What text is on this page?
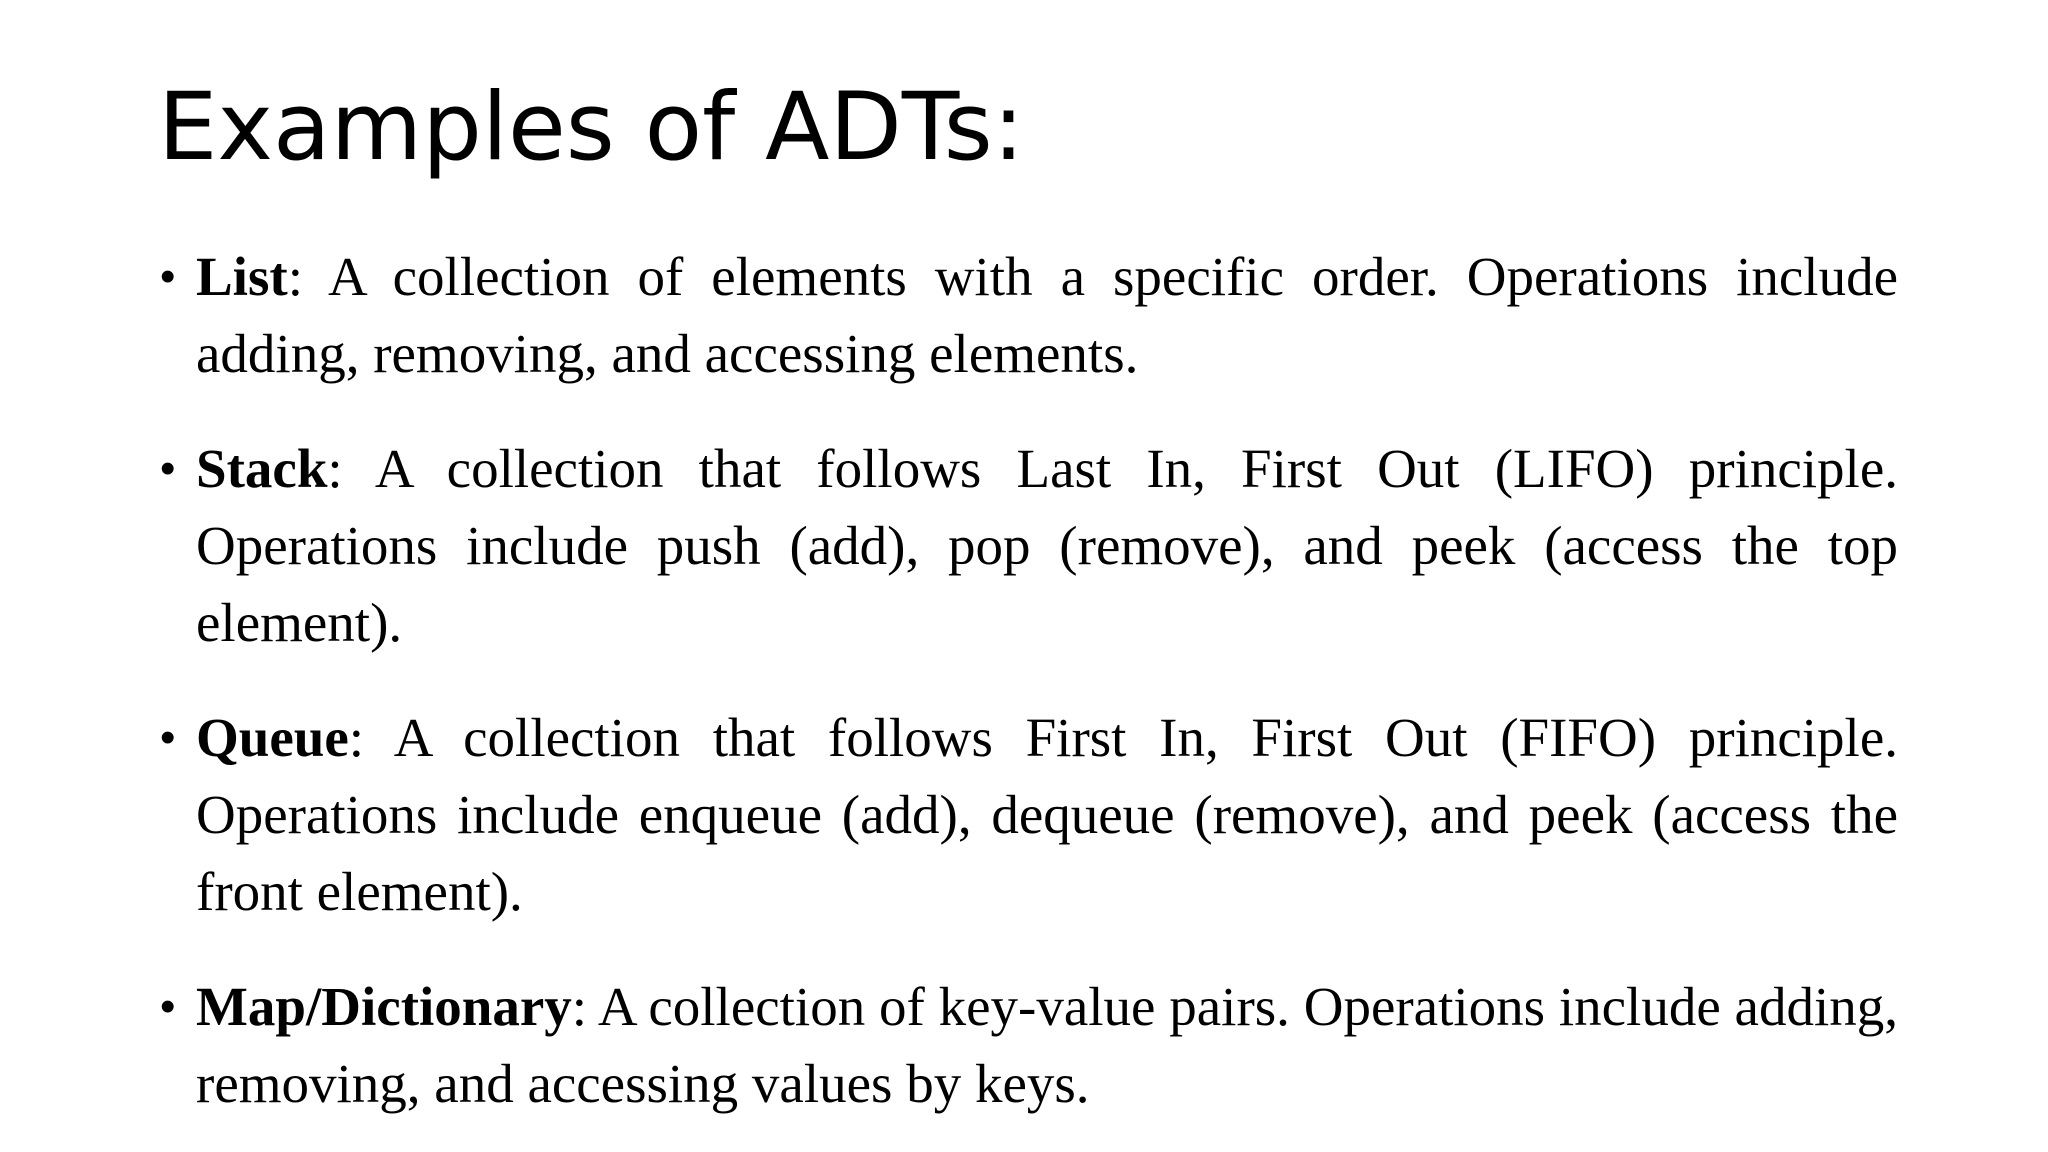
Examples of ADTs:
• List: A collection of elements with a specific order. Operations include adding, removing, and accessing elements.
• Stack: A collection that follows Last In, First Out (LIFO) principle. Operations include push (add), pop (remove), and peek (access the top element).
• Queue: A collection that follows First In, First Out (FIFO) principle. Operations include enqueue (add), dequeue (remove), and peek (access the front element).
• Map/Dictionary: A collection of key-value pairs. Operations include adding, removing, and accessing values by keys.
